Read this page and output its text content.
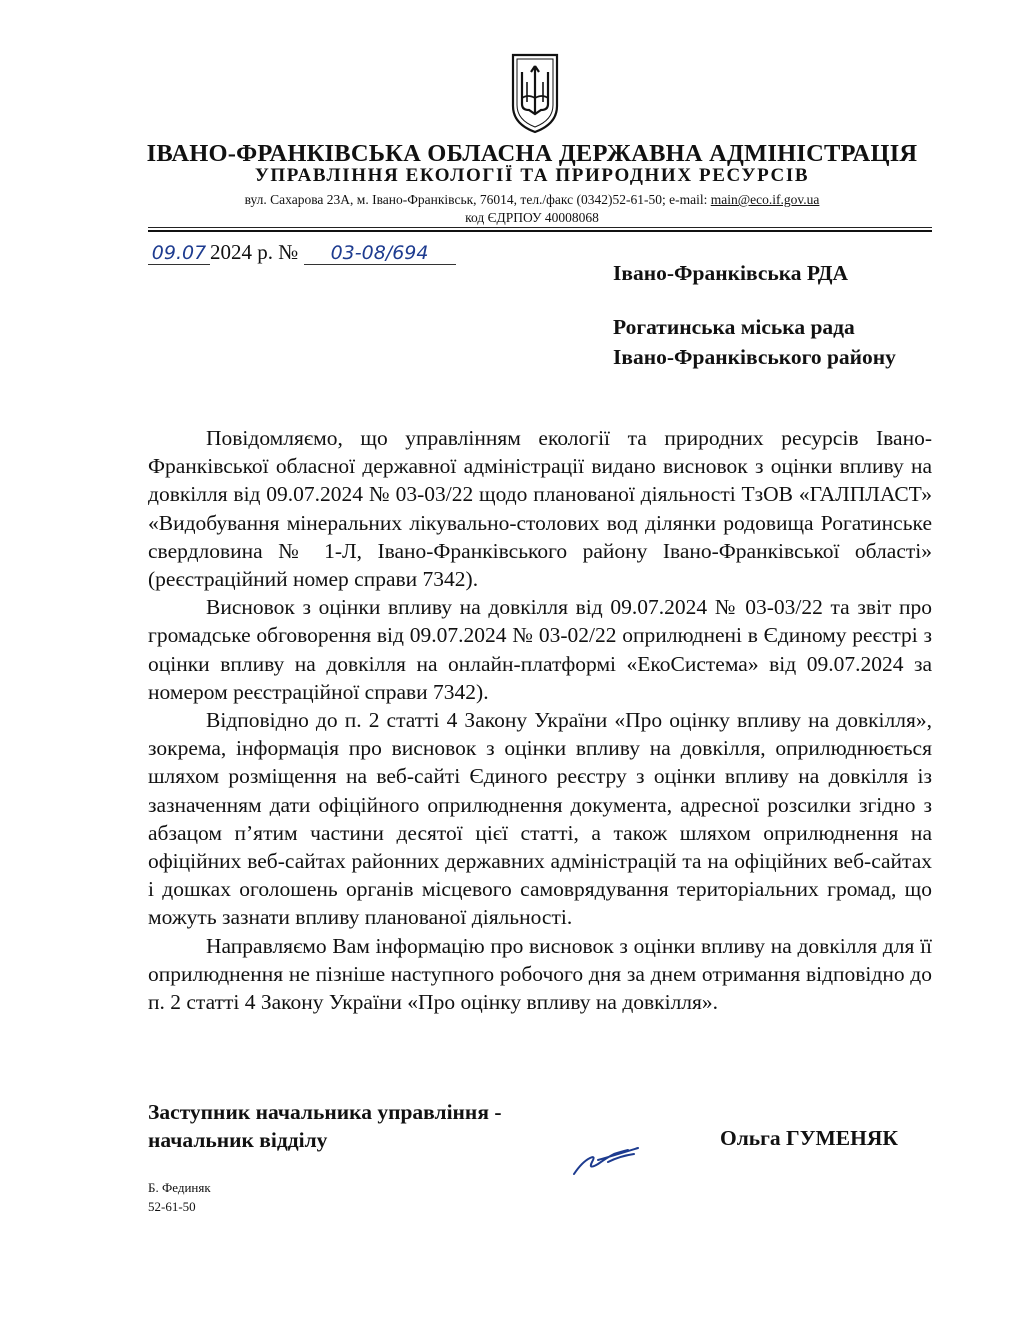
ІВАНО-ФРАНКІВСЬКА ОБЛАСНА ДЕРЖАВНА АДМІНІСТРАЦІЯ
УПРАВЛІННЯ ЕКОЛОГІЇ ТА ПРИРОДНИХ РЕСУРСІВ
вул. Сахарова 23А, м. Івано-Франківськ, 76014, тел./факс (0342)52-61-50; e-mail: main@eco.if.gov.ua
код ЄДРПОУ 40008068
09.07 2024 р. № 03-08/694
Івано-Франківська РДА
Рогатинська міська рада
Івано-Франківського району

Повідомляємо, що управлінням екології та природних ресурсів Івано-Франківської обласної державної адміністрації видано висновок з оцінки впливу на довкілля від 09.07.2024 № 03-03/22 щодо планованої діяльності ТзОВ «ГАЛПЛАСТ» «Видобування мінеральних лікувально-столових вод ділянки родовища Рогатинське свердловина № 1-Л, Івано-Франківського району Івано-Франківської області» (реєстраційний номер справи 7342).

Висновок з оцінки впливу на довкілля від 09.07.2024 № 03-03/22 та звіт про громадське обговорення від 09.07.2024 № 03-02/22 оприлюднені в Єдиному реєстрі з оцінки впливу на довкілля на онлайн-платформі «ЕкоСистема» від 09.07.2024 за номером реєстраційної справи 7342).

Відповідно до п. 2 статті 4 Закону України «Про оцінку впливу на довкілля», зокрема, інформація про висновок з оцінки впливу на довкілля, оприлюднюється шляхом розміщення на веб-сайті Єдиного реєстру з оцінки впливу на довкілля із зазначенням дати офіційного оприлюднення документа, адресної розсилки згідно з абзацом п’ятим частини десятої цієї статті, а також шляхом оприлюднення на офіційних веб-сайтах районних державних адміністрацій та на офіційних веб-сайтах і дошках оголошень органів місцевого самоврядування територіальних громад, що можуть зазнати впливу планованої діяльності.

Направляємо Вам інформацію про висновок з оцінки впливу на довкілля для її оприлюднення не пізніше наступного робочого дня за днем отримання відповідно до п. 2 статті 4 Закону України «Про оцінку впливу на довкілля».

Заступник начальника управління -
начальник відділу	Ольга ГУМЕНЯК
Б. Фединяк
52-61-50
